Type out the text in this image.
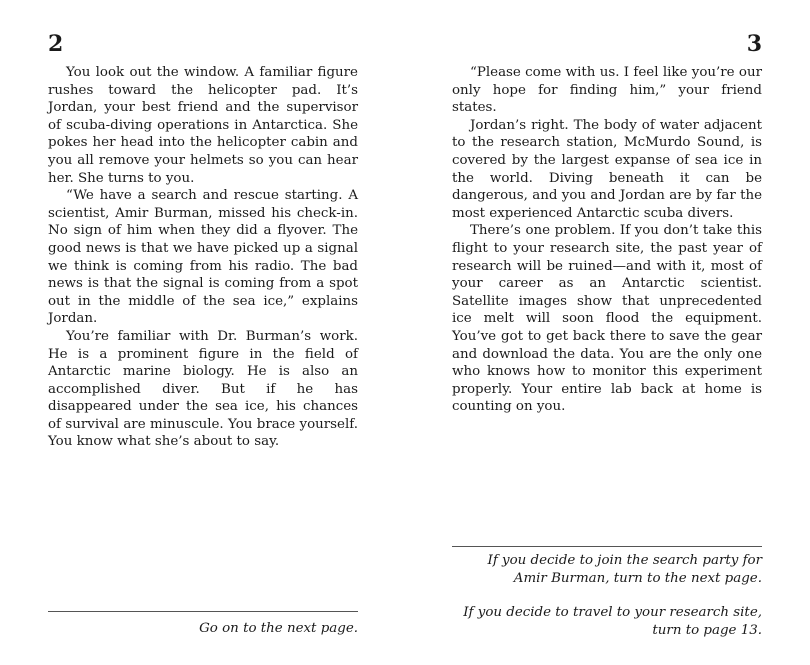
2

You look out the window. A familiar figure rushes toward the helicopter pad. It’s Jordan, your best friend and the supervisor of scuba-diving operations in Antarctica. She pokes her head into the helicopter cabin and you all remove your helmets so you can hear her. She turns to you.

“We have a search and rescue starting. A scientist, Amir Burman, missed his check-in. No sign of him when they did a flyover. The good news is that we have picked up a signal we think is coming from his radio. The bad news is that the signal is coming from a spot out in the middle of the sea ice,” explains Jordan.

You’re familiar with Dr. Burman’s work. He is a prominent figure in the field of Antarctic marine biology. He is also an accomplished diver. But if he has disappeared under the sea ice, his chances of survival are minuscule. You brace yourself. You know what she’s about to say.

Go on to the next page.

3

“Please come with us. I feel like you’re our only hope for finding him,” your friend states.

Jordan’s right. The body of water adjacent to the research station, McMurdo Sound, is covered by the largest expanse of sea ice in the world. Diving beneath it can be dangerous, and you and Jordan are by far the most experienced Antarctic scuba divers.

There’s one problem. If you don’t take this flight to your research site, the past year of research will be ruined—and with it, most of your career as an Antarctic scientist. Satellite images show that unprecedented ice melt will soon flood the equipment. You’ve got to get back there to save the gear and download the data. You are the only one who knows how to monitor this experiment properly. Your entire lab back at home is counting on you.

If you decide to join the search party for Amir Burman, turn to the next page.

If you decide to travel to your research site, turn to page 13.
